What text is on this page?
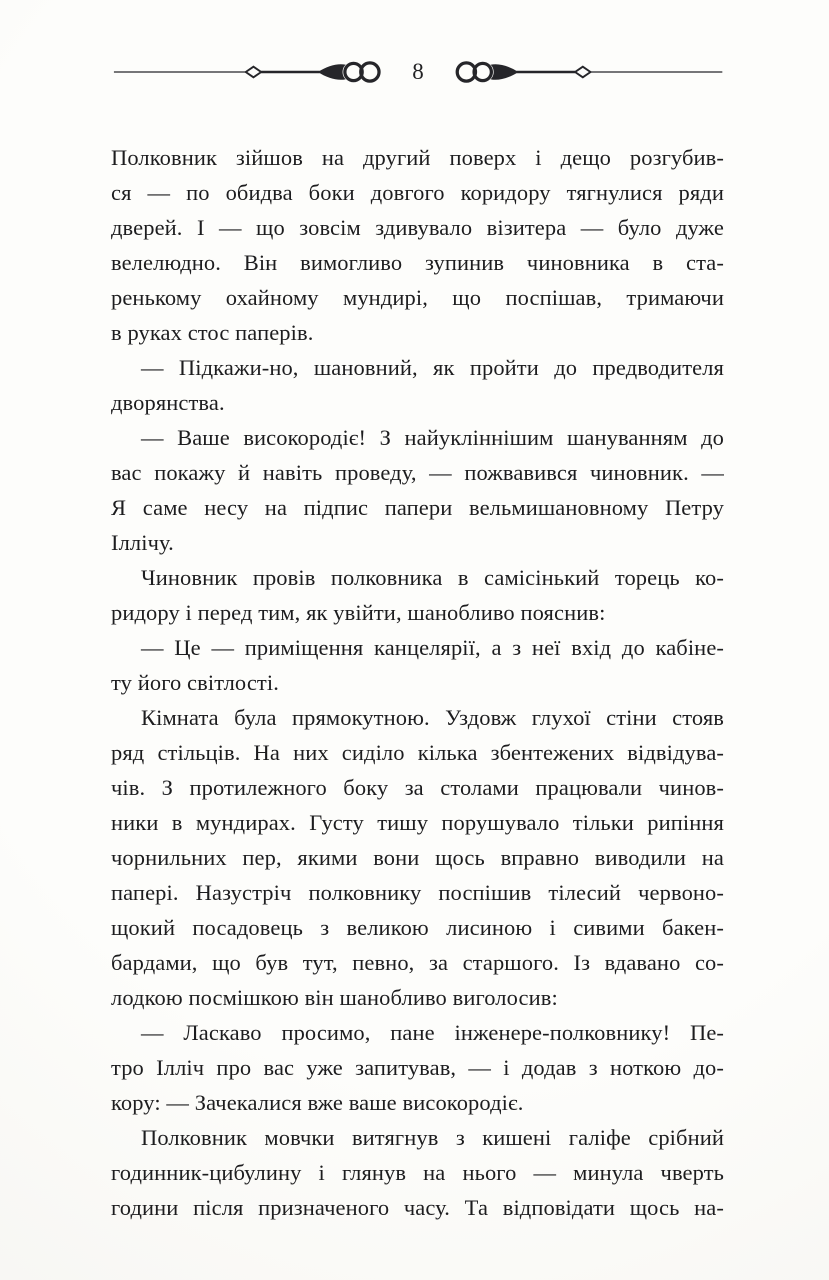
8
Полковник зійшов на другий поверх і дещо розгубив-
ся — по обидва боки довгого коридору тягнулися ряди
дверей. І — що зовсім здивувало візитера — було дуже
велелюдно. Він вимогливо зупинив чиновника в ста-
ренькому охайному мундирі, що поспішав, тримаючи
в руках стос паперів.
— Підкажи-но, шановний, як пройти до предводителя
дворянства.
— Ваше високородіє! З найуклiннiшим шануванням до
вас покажу й навіть проведу, — пожвавився чиновник. —
Я саме несу на підпис папери вельмишановному Петру
Іллічу.
Чиновник провів полковника в самісінький торець ко-
ридору і перед тим, як увійти, шанобливо пояснив:
— Це — приміщення канцелярії, а з неї вхід до кабіне-
ту його світлості.
Кімната була прямокутною. Уздовж глухої стіни стояв
ряд стільців. На них сиділо кілька збентежених відвідува-
чів. З протилежного боку за столами працювали чинов-
ники в мундирах. Густу тишу порушувало тільки рипіння
чорнильних пер, якими вони щось вправно виводили на
папері. Назустріч полковнику поспішив тілесий червоно-
щокий посадовець з великою лисиною і сивими бакен-
бардами, що був тут, певно, за старшого. Із вдавано со-
лодкою посмішкою він шанобливо виголосив:
— Ласкаво просимо, пане інженере-полковнику! Пе-
тро Ілліч про вас уже запитував, — і додав з ноткою до-
кору: — Зачекалися вже ваше високородіє.
Полковник мовчки витягнув з кишені галіфе срібний
годинник-цибулину і глянув на нього — минула чверть
години після призначеного часу. Та відповідати щось на-
